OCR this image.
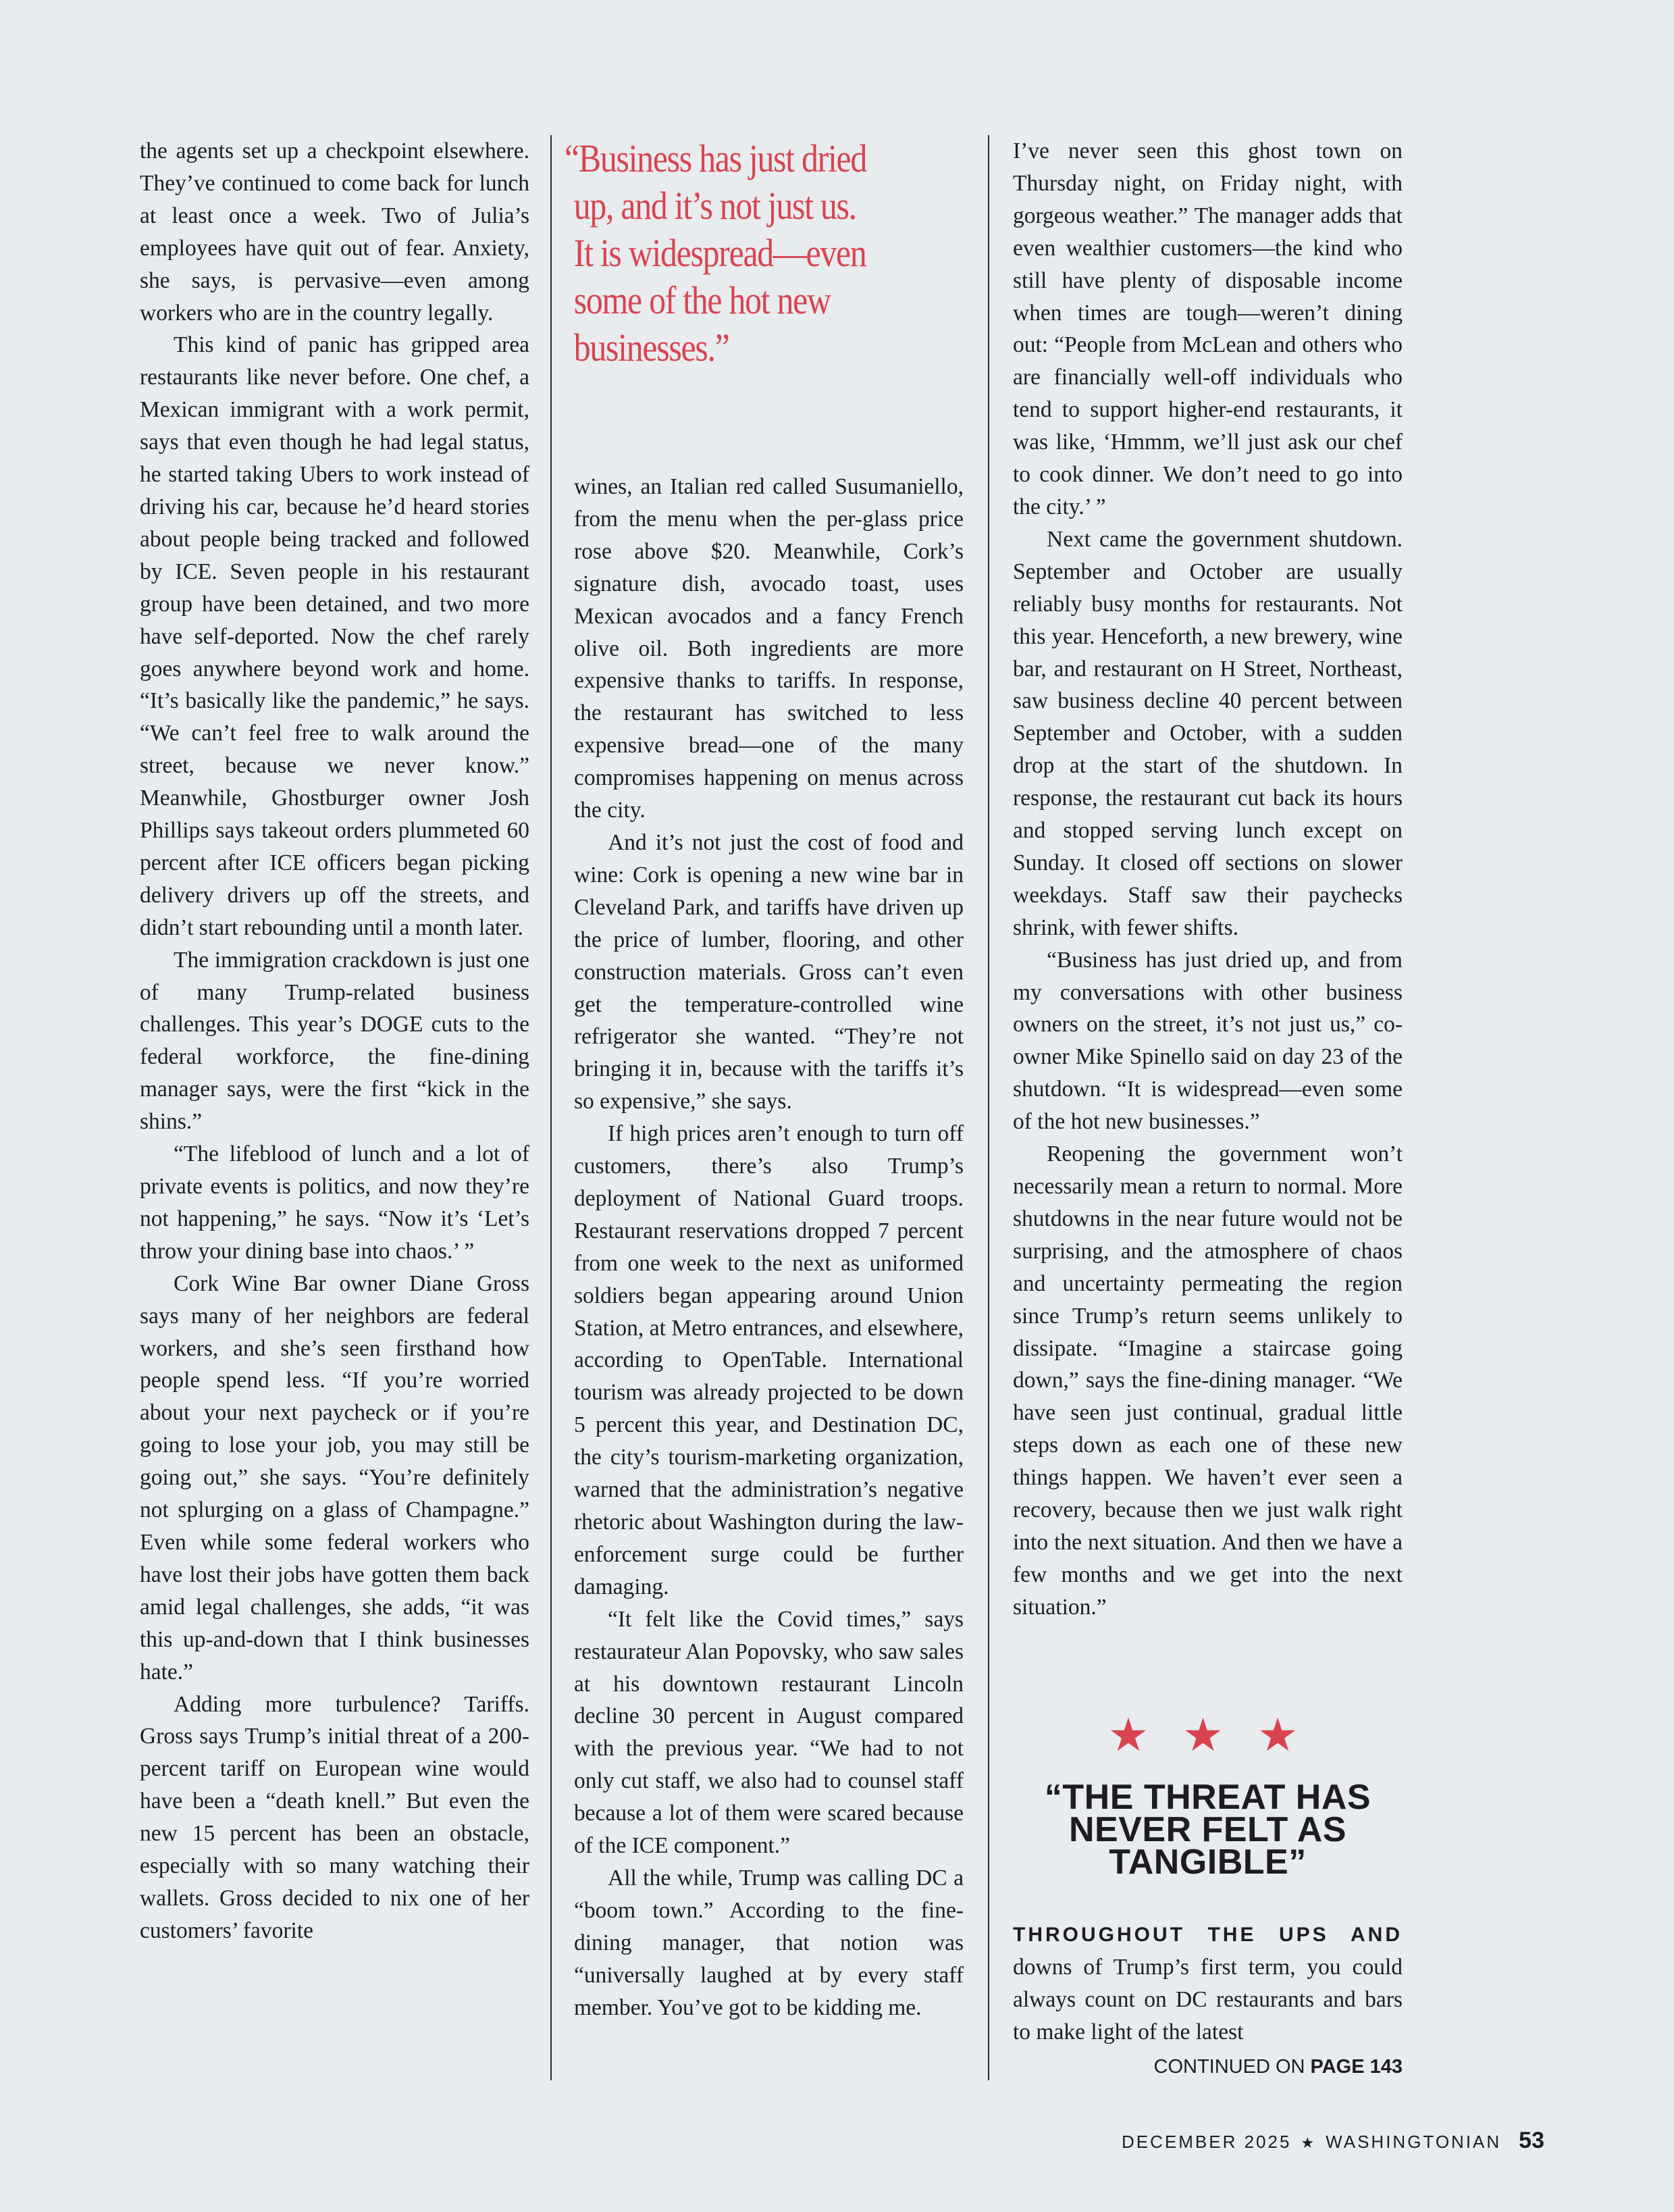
the agents set up a checkpoint elsewhere. They’ve continued to come back for lunch at least once a week. Two of Julia’s employees have quit out of fear. Anxiety, she says, is pervasive—even among workers who are in the country legally.

This kind of panic has gripped area restaurants like never before. One chef, a Mexican immigrant with a work permit, says that even though he had legal status, he started taking Ubers to work instead of driving his car, because he’d heard stories about people being tracked and followed by ICE. Seven people in his restaurant group have been detained, and two more have self-deported. Now the chef rarely goes anywhere beyond work and home. “It’s basically like the pandemic,” he says. “We can’t feel free to walk around the street, because we never know.” Meanwhile, Ghostburger owner Josh Phillips says takeout orders plummeted 60 percent after ICE officers began picking delivery drivers up off the streets, and didn’t start rebounding until a month later.

The immigration crackdown is just one of many Trump-related business challenges. This year’s DOGE cuts to the federal workforce, the fine-dining manager says, were the first “kick in the shins.”

“The lifeblood of lunch and a lot of private events is politics, and now they’re not happening,” he says. “Now it’s ‘Let’s throw your dining base into chaos.’ ”

Cork Wine Bar owner Diane Gross says many of her neighbors are federal workers, and she’s seen firsthand how people spend less. “If you’re worried about your next paycheck or if you’re going to lose your job, you may still be going out,” she says. “You’re definitely not splurging on a glass of Champagne.” Even while some federal workers who have lost their jobs have gotten them back amid legal challenges, she adds, “it was this up-and-down that I think businesses hate.”

Adding more turbulence? Tariffs. Gross says Trump’s initial threat of a 200-percent tariff on European wine would have been a “death knell.” But even the new 15 percent has been an obstacle, especially with so many watching their wallets. Gross decided to nix one of her customers’ favorite

“Business has just dried
up, and it’s not just us.
It is widespread—even
some of the hot new
businesses.”

wines, an Italian red called Susumaniello, from the menu when the per-glass price rose above $20. Meanwhile, Cork’s signature dish, avocado toast, uses Mexican avocados and a fancy French olive oil. Both ingredients are more expensive thanks to tariffs. In response, the restaurant has switched to less expensive bread—one of the many compromises happening on menus across the city.

And it’s not just the cost of food and wine: Cork is opening a new wine bar in Cleveland Park, and tariffs have driven up the price of lumber, flooring, and other construction materials. Gross can’t even get the temperature-controlled wine refrigerator she wanted. “They’re not bringing it in, because with the tariffs it’s so expensive,” she says.

If high prices aren’t enough to turn off customers, there’s also Trump’s deployment of National Guard troops. Restaurant reservations dropped 7 percent from one week to the next as uniformed soldiers began appearing around Union Station, at Metro entrances, and elsewhere, according to OpenTable. International tourism was already projected to be down 5 percent this year, and Destination DC, the city’s tourism-marketing organization, warned that the administration’s negative rhetoric about Washington during the law-enforcement surge could be further damaging.

“It felt like the Covid times,” says restaurateur Alan Popovsky, who saw sales at his downtown restaurant Lincoln decline 30 percent in August compared with the previous year. “We had to not only cut staff, we also had to counsel staff because a lot of them were scared because of the ICE component.”

All the while, Trump was calling DC a “boom town.” According to the fine-dining manager, that notion was “universally laughed at by every staff member. You’ve got to be kidding me.

I’ve never seen this ghost town on Thursday night, on Friday night, with gorgeous weather.” The manager adds that even wealthier customers—the kind who still have plenty of disposable income when times are tough—weren’t dining out: “People from McLean and others who are financially well-off individuals who tend to support higher-end restaurants, it was like, ‘Hmmm, we’ll just ask our chef to cook dinner. We don’t need to go into the city.’ ”

Next came the government shutdown. September and October are usually reliably busy months for restaurants. Not this year. Henceforth, a new brewery, wine bar, and restaurant on H Street, Northeast, saw business decline 40 percent between September and October, with a sudden drop at the start of the shutdown. In response, the restaurant cut back its hours and stopped serving lunch except on Sunday. It closed off sections on slower weekdays. Staff saw their paychecks shrink, with fewer shifts.

“Business has just dried up, and from my conversations with other business owners on the street, it’s not just us,” co-owner Mike Spinello said on day 23 of the shutdown. “It is widespread—even some of the hot new businesses.”

Reopening the government won’t necessarily mean a return to normal. More shutdowns in the near future would not be surprising, and the atmosphere of chaos and uncertainty permeating the region since Trump’s return seems unlikely to dissipate. “Imagine a staircase going down,” says the fine-dining manager. “We have seen just continual, gradual little steps down as each one of these new things happen. We haven’t ever seen a recovery, because then we just walk right into the next situation. And then we have a few months and we get into the next situation.”

★ ★ ★
“THE THREAT HAS
NEVER FELT AS
TANGIBLE”
THROUGHOUT THE UPS AND downs of Trump’s first term, you could always count on DC restaurants and bars to make light of the latest
CONTINUED ON PAGE 143
DECEMBER 2025 ★ WASHINGTONIAN 53
